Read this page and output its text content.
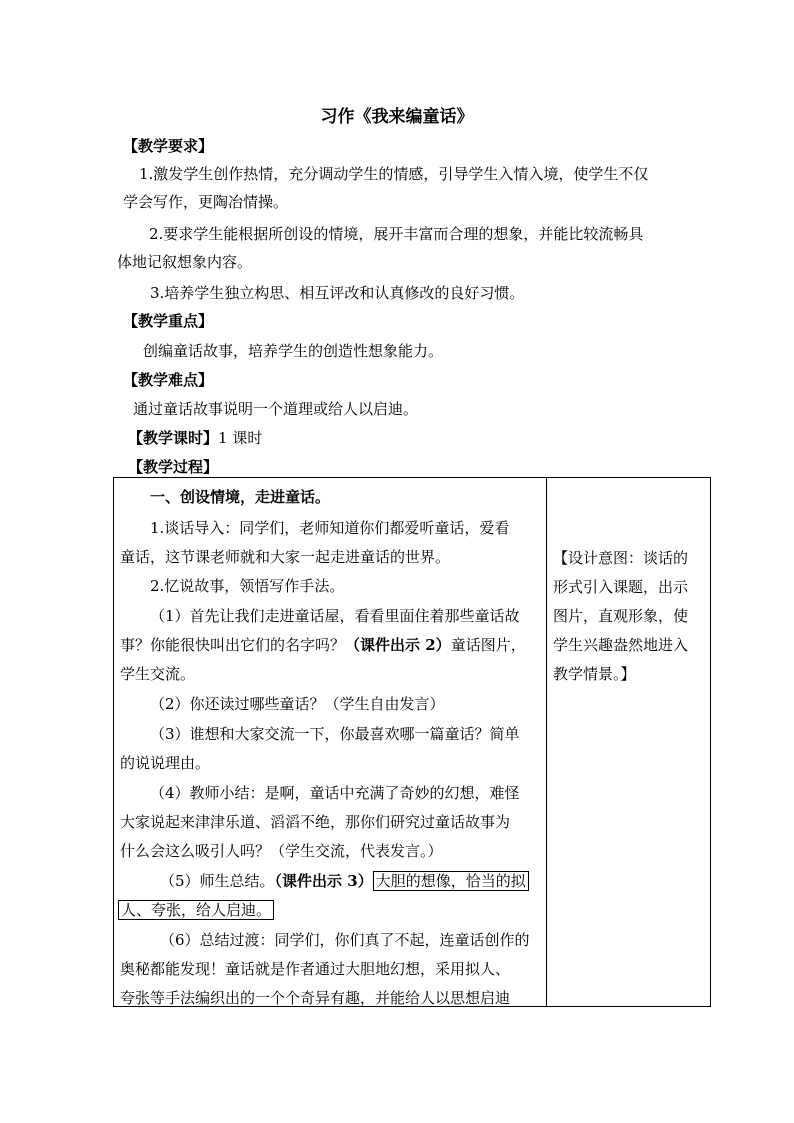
习作《我来编童话》
【教学要求】
1.激发学生创作热情，充分调动学生的情感，引导学生入情入境，使学生不仅
学会写作，更陶冶情操。
2.要求学生能根据所创设的情境，展开丰富而合理的想象，并能比较流畅具
体地记叙想象内容。
3.培养学生独立构思、相互评改和认真修改的良好习惯。
【教学重点】
创编童话故事，培养学生的创造性想象能力。
【教学难点】
通过童话故事说明一个道理或给人以启迪。
【教学课时】1 课时
【教学过程】
一、创设情境，走进童话。
1.谈话导入：同学们，老师知道你们都爱听童话，爱看
童话，这节课老师就和大家一起走进童话的世界。
2.忆说故事，领悟写作手法。
（1）首先让我们走进童话屋，看看里面住着那些童话故
事？你能很快叫出它们的名字吗？（课件出示 2）童话图片，
学生交流。
（2）你还读过哪些童话？（学生自由发言）
（3）谁想和大家交流一下，你最喜欢哪一篇童话？简单
的说说理由。
（4）教师小结：是啊，童话中充满了奇妙的幻想，难怪
大家说起来津津乐道、滔滔不绝，那你们研究过童话故事为
什么会这么吸引人吗？（学生交流，代表发言。）
（5）师生总结。（课件出示 3） 大胆的想像，恰当的拟
人、夸张，给人启迪。
（6）总结过渡：同学们，你们真了不起，连童话创作的
奥秘都能发现！童话就是作者通过大胆地幻想，采用拟人、
夸张等手法编织出的一个个奇异有趣，并能给人以思想启迪

【设计意图：谈话的
形式引入课题，出示
图片，直观形象，使
学生兴趣盎然地进入
教学情景。】
